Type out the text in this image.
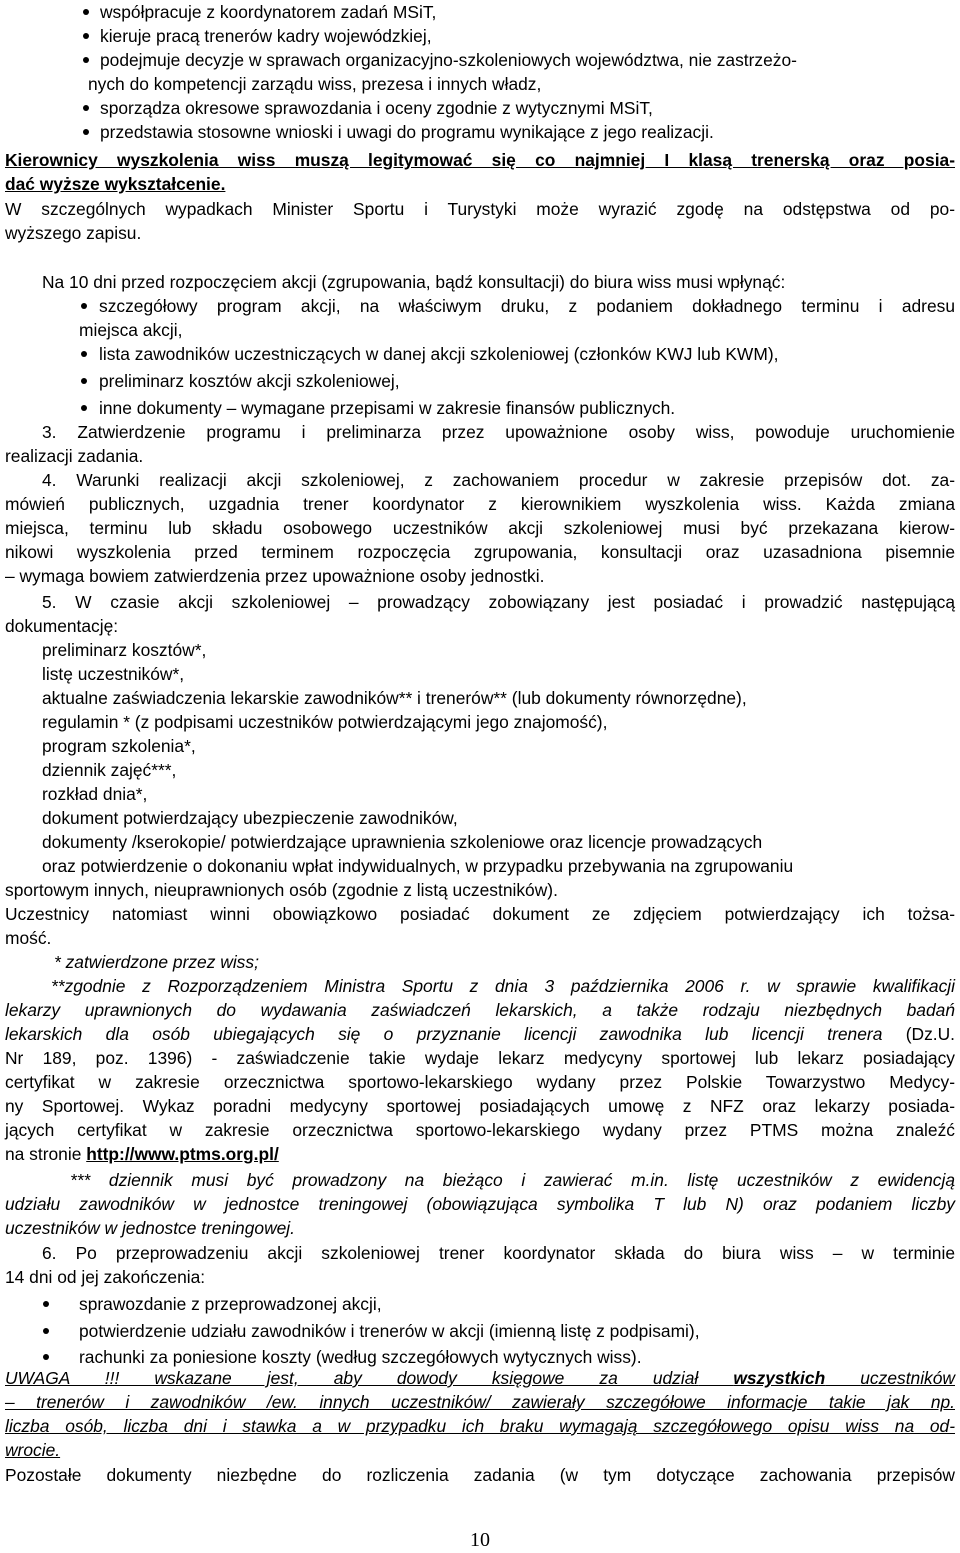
współpracuje z koordynatorem zadań MSiT,
kieruje pracą trenerów kadry wojewódzkiej,
podejmuje decyzje w sprawach organizacyjno-szkoleniowych województwa, nie zastrzeżo-
nych do kompetencji zarządu wiss, prezesa i innych władz,
sporządza okresowe sprawozdania i oceny zgodnie z wytycznymi MSiT,
przedstawia stosowne wnioski i uwagi do programu wynikające z jego realizacji.
Kierownicy wyszkolenia wiss muszą legitymować się co najmniej I klasą trenerską oraz posia-
dać wyższe wykształcenie.
W szczególnych wypadkach Minister Sportu i Turystyki może wyrazić zgodę na odstępstwa od po-
wyższego zapisu.
Na 10 dni przed rozpoczęciem akcji (zgrupowania, bądź konsultacji) do biura wiss musi wpłynąć:
szczegółowy program akcji, na właściwym druku, z podaniem dokładnego terminu i adresu
miejsca akcji,
lista zawodników uczestniczących w danej akcji szkoleniowej (członków KWJ lub KWM),
preliminarz kosztów akcji szkoleniowej,
inne dokumenty – wymagane przepisami w zakresie finansów publicznych.
3. Zatwierdzenie programu i preliminarza przez upoważnione osoby wiss, powoduje uruchomienie
realizacji zadania.
4. Warunki realizacji akcji szkoleniowej, z zachowaniem procedur w zakresie przepisów dot. za-
mówień publicznych, uzgadnia trener koordynator z kierownikiem wyszkolenia wiss. Każda zmiana
miejsca, terminu lub składu osobowego uczestników akcji szkoleniowej musi być przekazana kierow-
nikowi wyszkolenia przed terminem rozpoczęcia zgrupowania, konsultacji oraz uzasadniona pisemnie
– wymaga bowiem zatwierdzenia przez upoważnione osoby jednostki.
5. W czasie akcji szkoleniowej – prowadzący zobowiązany jest posiadać i prowadzić następującą
dokumentację:
preliminarz kosztów*,
listę uczestników*,
aktualne zaświadczenia lekarskie zawodników** i trenerów** (lub dokumenty równorzędne),
regulamin * (z podpisami uczestników potwierdzającymi jego znajomość),
program szkolenia*,
dziennik zajęć***,
rozkład dnia*,
dokument potwierdzający ubezpieczenie zawodników,
dokumenty /kserokopie/ potwierdzające uprawnienia szkoleniowe oraz licencje prowadzących
oraz potwierdzenie o dokonaniu wpłat indywidualnych, w przypadku przebywania na zgrupowaniu
sportowym innych, nieuprawnionych osób (zgodnie z listą uczestników).
Uczestnicy natomiast winni obowiązkowo posiadać dokument ze zdjęciem potwierdzający ich tożsa-
mość.
* zatwierdzone przez wiss;
**zgodnie z Rozporządzeniem Ministra Sportu z dnia 3 października 2006 r. w sprawie kwalifikacji
lekarzy uprawnionych do wydawania zaświadczeń lekarskich, a także rodzaju niezbędnych badań
lekarskich dla osób ubiegających się o przyznanie licencji zawodnika lub licencji trenera (Dz.U.
Nr 189, poz. 1396) - zaświadczenie takie wydaje lekarz medycyny sportowej lub lekarz posiadający
certyfikat w zakresie orzecznictwa sportowo-lekarskiego wydany przez Polskie Towarzystwo Medycy-
ny Sportowej. Wykaz poradni medycyny sportowej posiadających umowę z NFZ oraz lekarzy posiada-
jących certyfikat w zakresie orzecznictwa sportowo-lekarskiego wydany przez PTMS można znaleźć
na stronie http://www.ptms.org.pl/
*** dziennik musi być prowadzony na bieżąco i zawierać m.in. listę uczestników z ewidencją
udziału zawodników w jednostce treningowej (obowiązująca symbolika T lub N) oraz podaniem liczby
uczestników w jednostce treningowej.
6. Po przeprowadzeniu akcji szkoleniowej trener koordynator składa do biura wiss – w terminie
14 dni od jej zakończenia:
sprawozdanie z przeprowadzonej akcji,
potwierdzenie udziału zawodników i trenerów w akcji (imienną listę z podpisami),
rachunki za poniesione koszty (według szczegółowych wytycznych wiss).
UWAGA !!! wskazane jest, aby dowody księgowe za udział wszystkich uczestników
– trenerów i zawodników /ew. innych uczestników/ zawierały szczegółowe informacje takie jak np.
liczba osób, liczba dni i stawka a w przypadku ich braku wymagają szczegółowego opisu wiss na od-
wrocie.
Pozostałe dokumenty niezbędne do rozliczenia zadania (w tym dotyczące zachowania przepisów
10
